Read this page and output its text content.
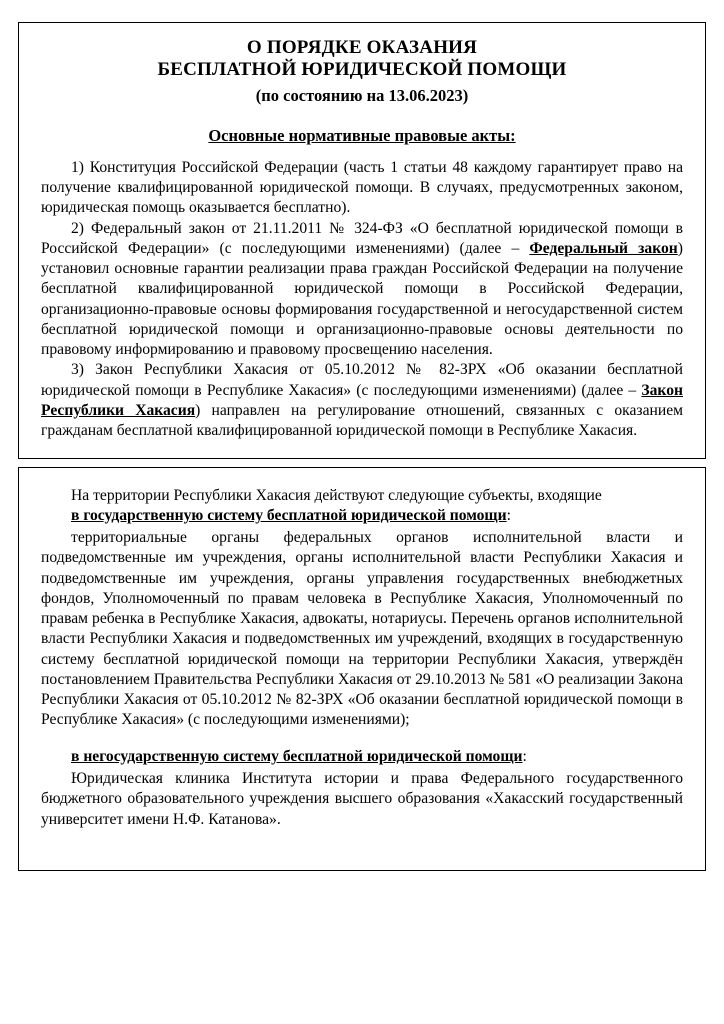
О ПОРЯДКЕ ОКАЗАНИЯ
БЕСПЛАТНОЙ ЮРИДИЧЕСКОЙ ПОМОЩИ
(по состоянию на 13.06.2023)
Основные нормативные правовые акты:

1) Конституция Российской Федерации (часть 1 статьи 48 каждому гарантирует право на получение квалифицированной юридической помощи. В случаях, предусмотренных законом, юридическая помощь оказывается бесплатно).

2) Федеральный закон от 21.11.2011 № 324-ФЗ «О бесплатной юридической помощи в Российской Федерации» (с последующими изменениями) (далее – Федеральный закон) установил основные гарантии реализации права граждан Российской Федерации на получение бесплатной квалифицированной юридической помощи в Российской Федерации, организационно-правовые основы формирования государственной и негосударственной систем бесплатной юридической помощи и организационно-правовые основы деятельности по правовому информированию и правовому просвещению населения.

3) Закон Республики Хакасия от 05.10.2012 № 82-ЗРХ «Об оказании бесплатной юридической помощи в Республике Хакасия» (с последующими изменениями) (далее – Закон Республики Хакасия) направлен на регулирование отношений, связанных с оказанием гражданам бесплатной квалифицированной юридической помощи в Республике Хакасия.

На территории Республики Хакасия действуют следующие субъекты, входящие

в государственную систему бесплатной юридической помощи:

территориальные органы федеральных органов исполнительной власти и подведомственные им учреждения, органы исполнительной власти Республики Хакасия и подведомственные им учреждения, органы управления государственных внебюджетных фондов, Уполномоченный по правам человека в Республике Хакасия, Уполномоченный по правам ребенка в Республике Хакасия, адвокаты, нотариусы. Перечень органов исполнительной власти Республики Хакасия и подведомственных им учреждений, входящих в государственную систему бесплатной юридической помощи на территории Республики Хакасия, утверждён постановлением Правительства Республики Хакасия от 29.10.2013 № 581 «О реализации Закона Республики Хакасия от 05.10.2012 № 82-ЗРХ «Об оказании бесплатной юридической помощи в Республике Хакасия» (с последующими изменениями);

в негосударственную систему бесплатной юридической помощи:

Юридическая клиника Института истории и права Федерального государственного бюджетного образовательного учреждения высшего образования «Хакасский государственный университет имени Н.Ф. Катанова».
